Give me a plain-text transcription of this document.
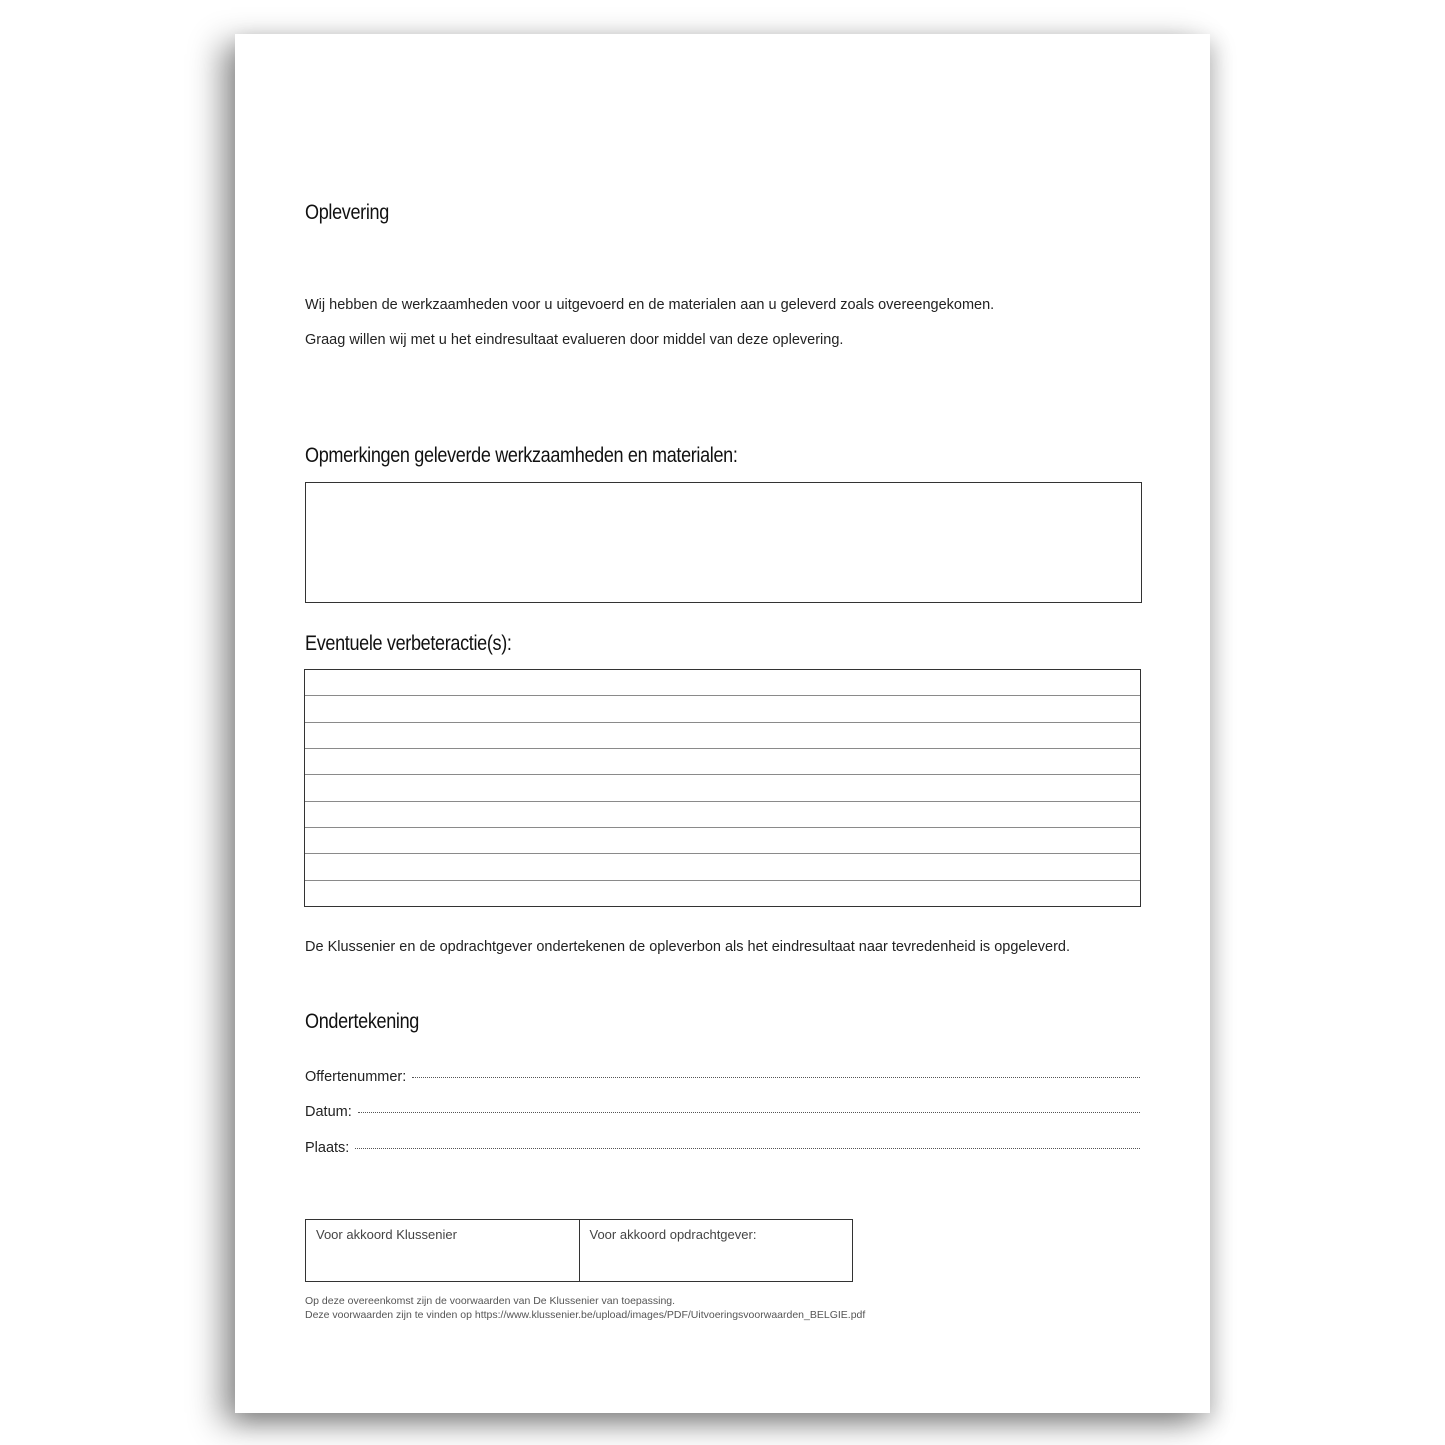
Oplevering

Wij hebben de werkzaamheden voor u uitgevoerd en de materialen aan u geleverd zoals overeengekomen.

Graag willen wij met u het eindresultaat evalueren door middel van deze oplevering.

Opmerkingen geleverde werkzaamheden en materialen:
Eventuele verbeteractie(s):

De Klussenier en de opdrachtgever ondertekenen de opleverbon als het eindresultaat naar tevredenheid is opgeleverd.

Ondertekening
Offertenummer:
Datum:
Plaats:
Voor akkoord Klussenier	Voor akkoord opdrachtgever:

Op deze overeenkomst zijn de voorwaarden van De Klussenier van toepassing.

Deze voorwaarden zijn te vinden op https://www.klussenier.be/upload/images/PDF/Uitvoeringsvoorwaarden_BELGIE.pdf
